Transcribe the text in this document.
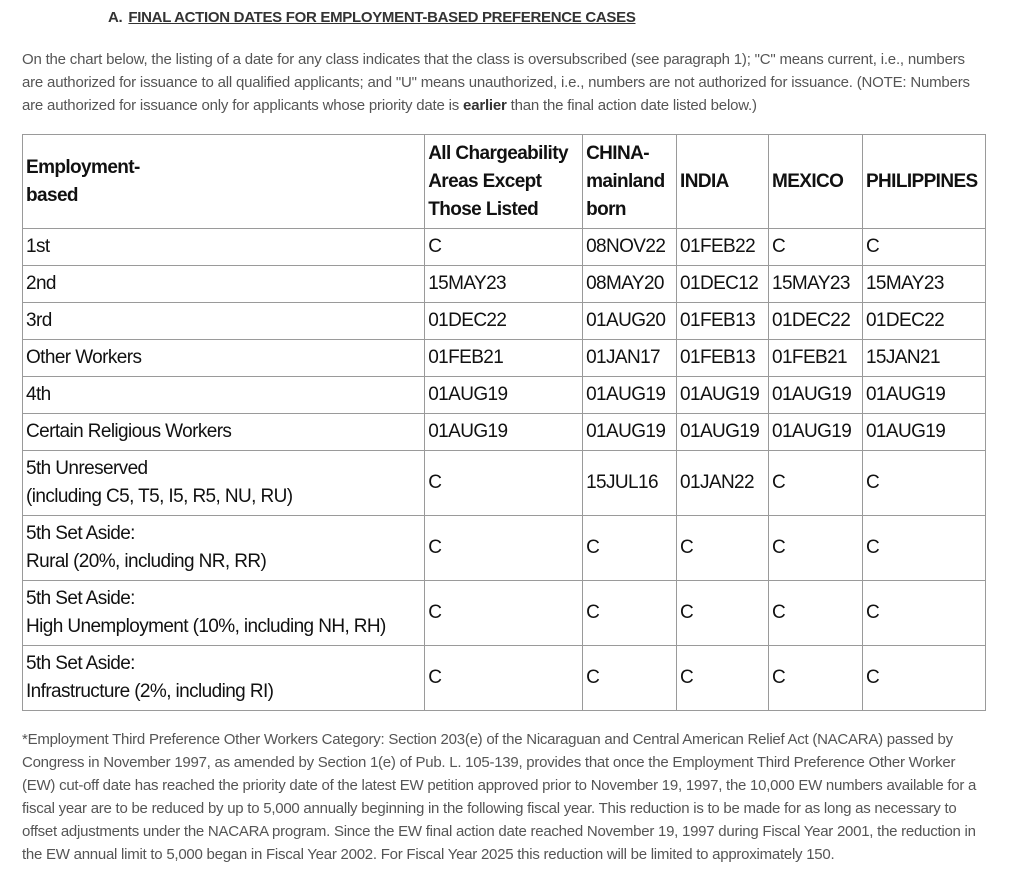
A. FINAL ACTION DATES FOR EMPLOYMENT-BASED PREFERENCE CASES

On the chart below, the listing of a date for any class indicates that the class is oversubscribed (see paragraph 1); "C" means current, i.e., numbers are authorized for issuance to all qualified applicants; and "U" means unauthorized, i.e., numbers are not authorized for issuance. (NOTE: Numbers are authorized for issuance only for applicants whose priority date is earlier than the final action date listed below.)

Employment-
based	All Chargeability
Areas Except
Those Listed	CHINA-
mainland
born	INDIA	MEXICO	PHILIPPINES
1st	C	08NOV22	01FEB22	C	C
2nd	15MAY23	08MAY20	01DEC12	15MAY23	15MAY23
3rd	01DEC22	01AUG20	01FEB13	01DEC22	01DEC22
Other Workers	01FEB21	01JAN17	01FEB13	01FEB21	15JAN21
4th	01AUG19	01AUG19	01AUG19	01AUG19	01AUG19
Certain Religious Workers	01AUG19	01AUG19	01AUG19	01AUG19	01AUG19
5th Unreserved
(including C5, T5, I5, R5, NU, RU)	C	15JUL16	01JAN22	C	C
5th Set Aside:
Rural (20%, including NR, RR)	C	C	C	C	C
5th Set Aside:
High Unemployment (10%, including NH, RH)	C	C	C	C	C
5th Set Aside:
Infrastructure (2%, including RI)	C	C	C	C	C

*Employment Third Preference Other Workers Category: Section 203(e) of the Nicaraguan and Central American Relief Act (NACARA) passed by Congress in November 1997, as amended by Section 1(e) of Pub. L. 105-139, provides that once the Employment Third Preference Other Worker (EW) cut-off date has reached the priority date of the latest EW petition approved prior to November 19, 1997, the 10,000 EW numbers available for a fiscal year are to be reduced by up to 5,000 annually beginning in the following fiscal year. This reduction is to be made for as long as necessary to offset adjustments under the NACARA program. Since the EW final action date reached November 19, 1997 during Fiscal Year 2001, the reduction in the EW annual limit to 5,000 began in Fiscal Year 2002. For Fiscal Year 2025 this reduction will be limited to approximately 150.
